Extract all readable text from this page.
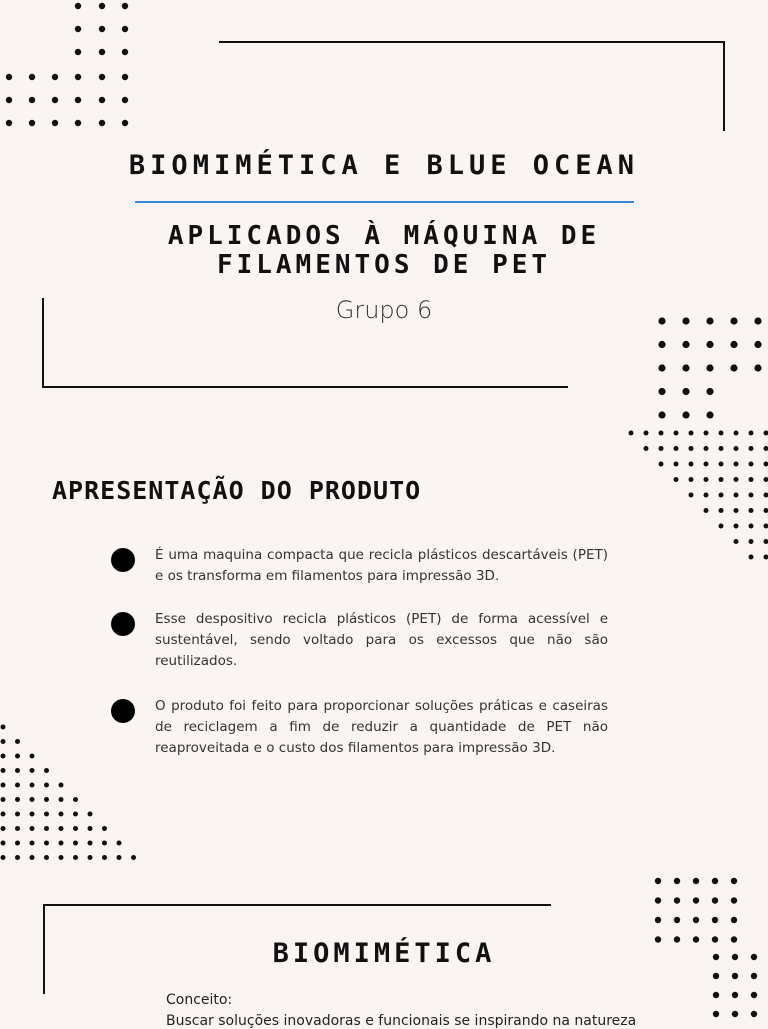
BIOMIMÉTICA E BLUE OCEAN
APLICADOS À MÁQUINA DE
FILAMENTOS DE PET
Grupo 6
APRESENTAÇÃO DO PRODUTO
É uma maquina compacta que recicla plásticos descartáveis (PET) e os transforma em filamentos para impressão 3D.
Esse despositivo recicla plásticos (PET) de forma acessível e sustentável, sendo voltado para os excessos que não são reutilizados.
O produto foi feito para proporcionar soluções práticas e caseiras de reciclagem a fim de reduzir a quantidade de PET não reaproveitada e o custo dos filamentos para impressão 3D.
BIOMIMÉTICA
Conceito:
Buscar soluções inovadoras e funcionais se inspirando na natureza
